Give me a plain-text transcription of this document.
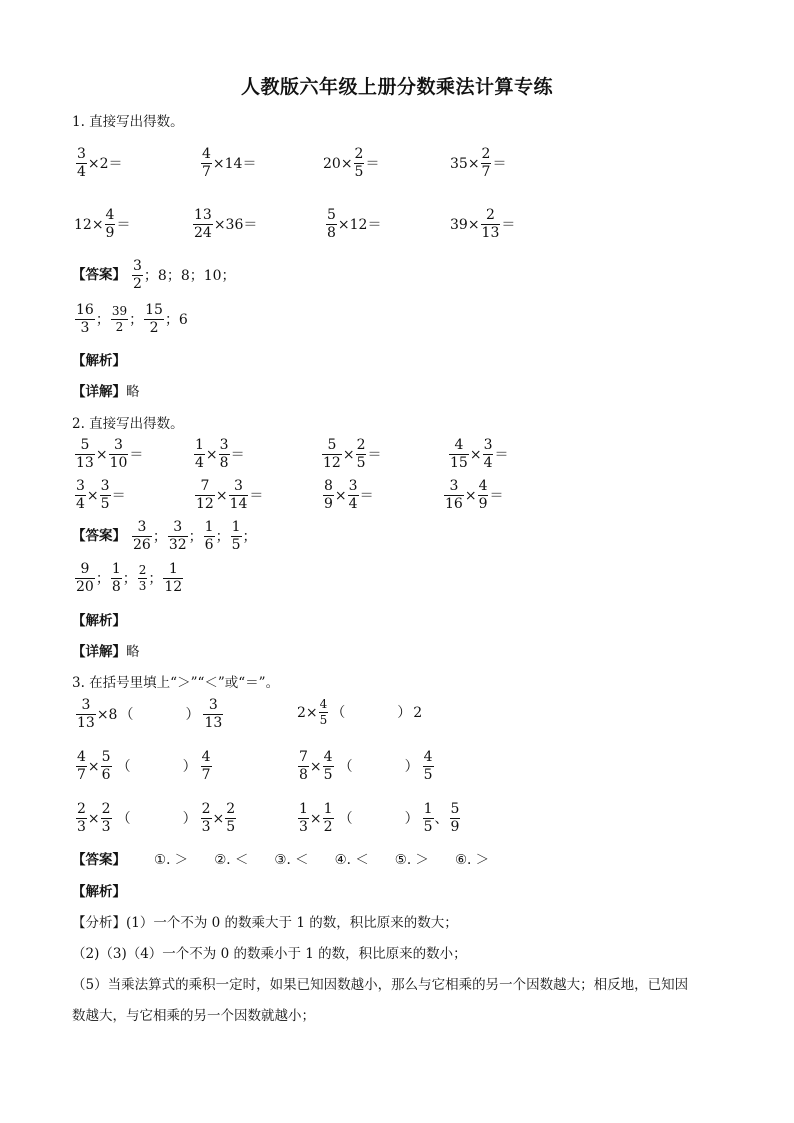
人教版六年级上册分数乘法计算专练
1. 直接写出得数。
$\frac{3}{4} \times 2=$	$\frac{4}{7} \times 14=$	$20\times \frac{2}{5}$ ＝	$35\times \frac{2}{7}$ ＝
$12\times \frac{4}{9}$ ＝	$\frac{13}{24} \times 36=$	$\frac{5}{8} \times 12=$	$39\times \frac{2}{13}$ ＝
【答案】 $\frac{3}{2}$ ；8；8；10；
$\frac{16}{3}$ ； $\frac{39}{2}$ ； $\frac{15}{2}$ ；6
【解析】
【详解】略
2. 直接写出得数。
$\frac{5}{13} \times \frac{3}{10}$ ＝	$\frac{1}{4} \times \frac{3}{8}$ ＝	$\frac{5}{12} \times \frac{2}{5}$ ＝	$\frac{4}{15} \times \frac{3}{4}$ ＝
$\frac{3}{4} \times \frac{3}{5}$ ＝	$\frac{7}{12} \times \frac{3}{14}$ ＝	$\frac{8}{9} \times \frac{3}{4}$ ＝	$\frac{3}{16} \times \frac{4}{9}$ ＝
【答案】 $\frac{3}{26}$ ； $\frac{3}{32}$ ； $\frac{1}{6}$ ； $\frac{1}{5}$ ；
$\frac{9}{20}$ ； $\frac{1}{8}$ ； $\frac{2}{3}$ ； $\frac{1}{12}$
【解析】
【详解】略
3. 在括号里填上“＞”“＜”或“＝”。
$\frac{3}{13} \times 8$ （	） $\frac{3}{13}$	$2\times \frac{4}{5}$ （	） 2
$\frac{4}{7} \times \frac{5}{6}$ （	） $\frac{4}{7}$	$\frac{7}{8} \times \frac{4}{5}$ （	） $\frac{4}{5}$
$\frac{2}{3} \times \frac{2}{3}$ （	） $\frac{2}{3} \times \frac{2}{5}$	$\frac{1}{3} \times \frac{1}{2}$ （	） $\frac{1}{5}$ 、 $\frac{5}{9}$
【答案】 ①. ＞ ②. ＜ ③. ＜ ④. ＜ ⑤. ＞ ⑥. ＞
【解析】
【分析】(1）一个不为 0 的数乘大于 1 的数，积比原来的数大；
（2)（3)（4）一个不为 0 的数乘小于 1 的数，积比原来的数小；
（5）当乘法算式的乘积一定时，如果已知因数越小，那么与它相乘的另一个因数越大；相反地，已知因
数越大，与它相乘的另一个因数就越小；
